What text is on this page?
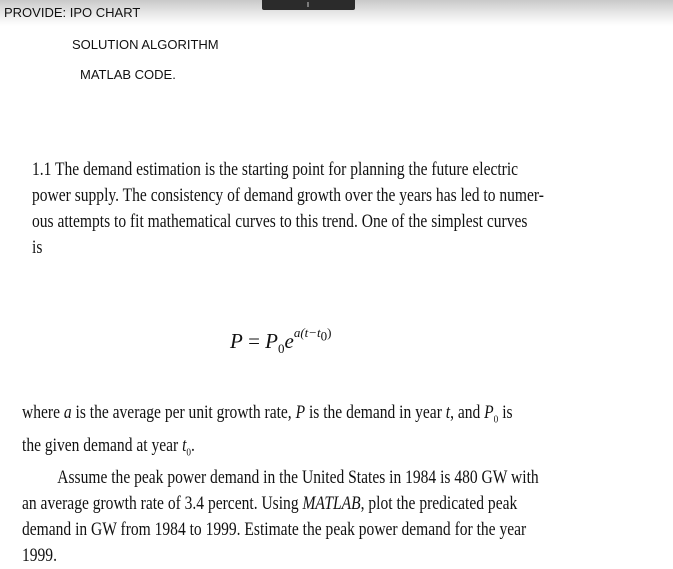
PROVIDE: IPO CHART
SOLUTION ALGORITHM
MATLAB CODE.
1.1 The demand estimation is the starting point for planning the future electric
power supply. The consistency of demand growth over the years has led to numer-
ous attempts to fit mathematical curves to this trend. One of the simplest curves
is
$P = P_0e^{a(t-t_0)}$
where a is the average per unit growth rate, P is the demand in year t, and $P_0$ is
the given demand at year $t_0$.
Assume the peak power demand in the United States in 1984 is 480 GW with
an average growth rate of 3.4 percent. Using MATLAB, plot the predicated peak
demand in GW from 1984 to 1999. Estimate the peak power demand for the year
1999.
